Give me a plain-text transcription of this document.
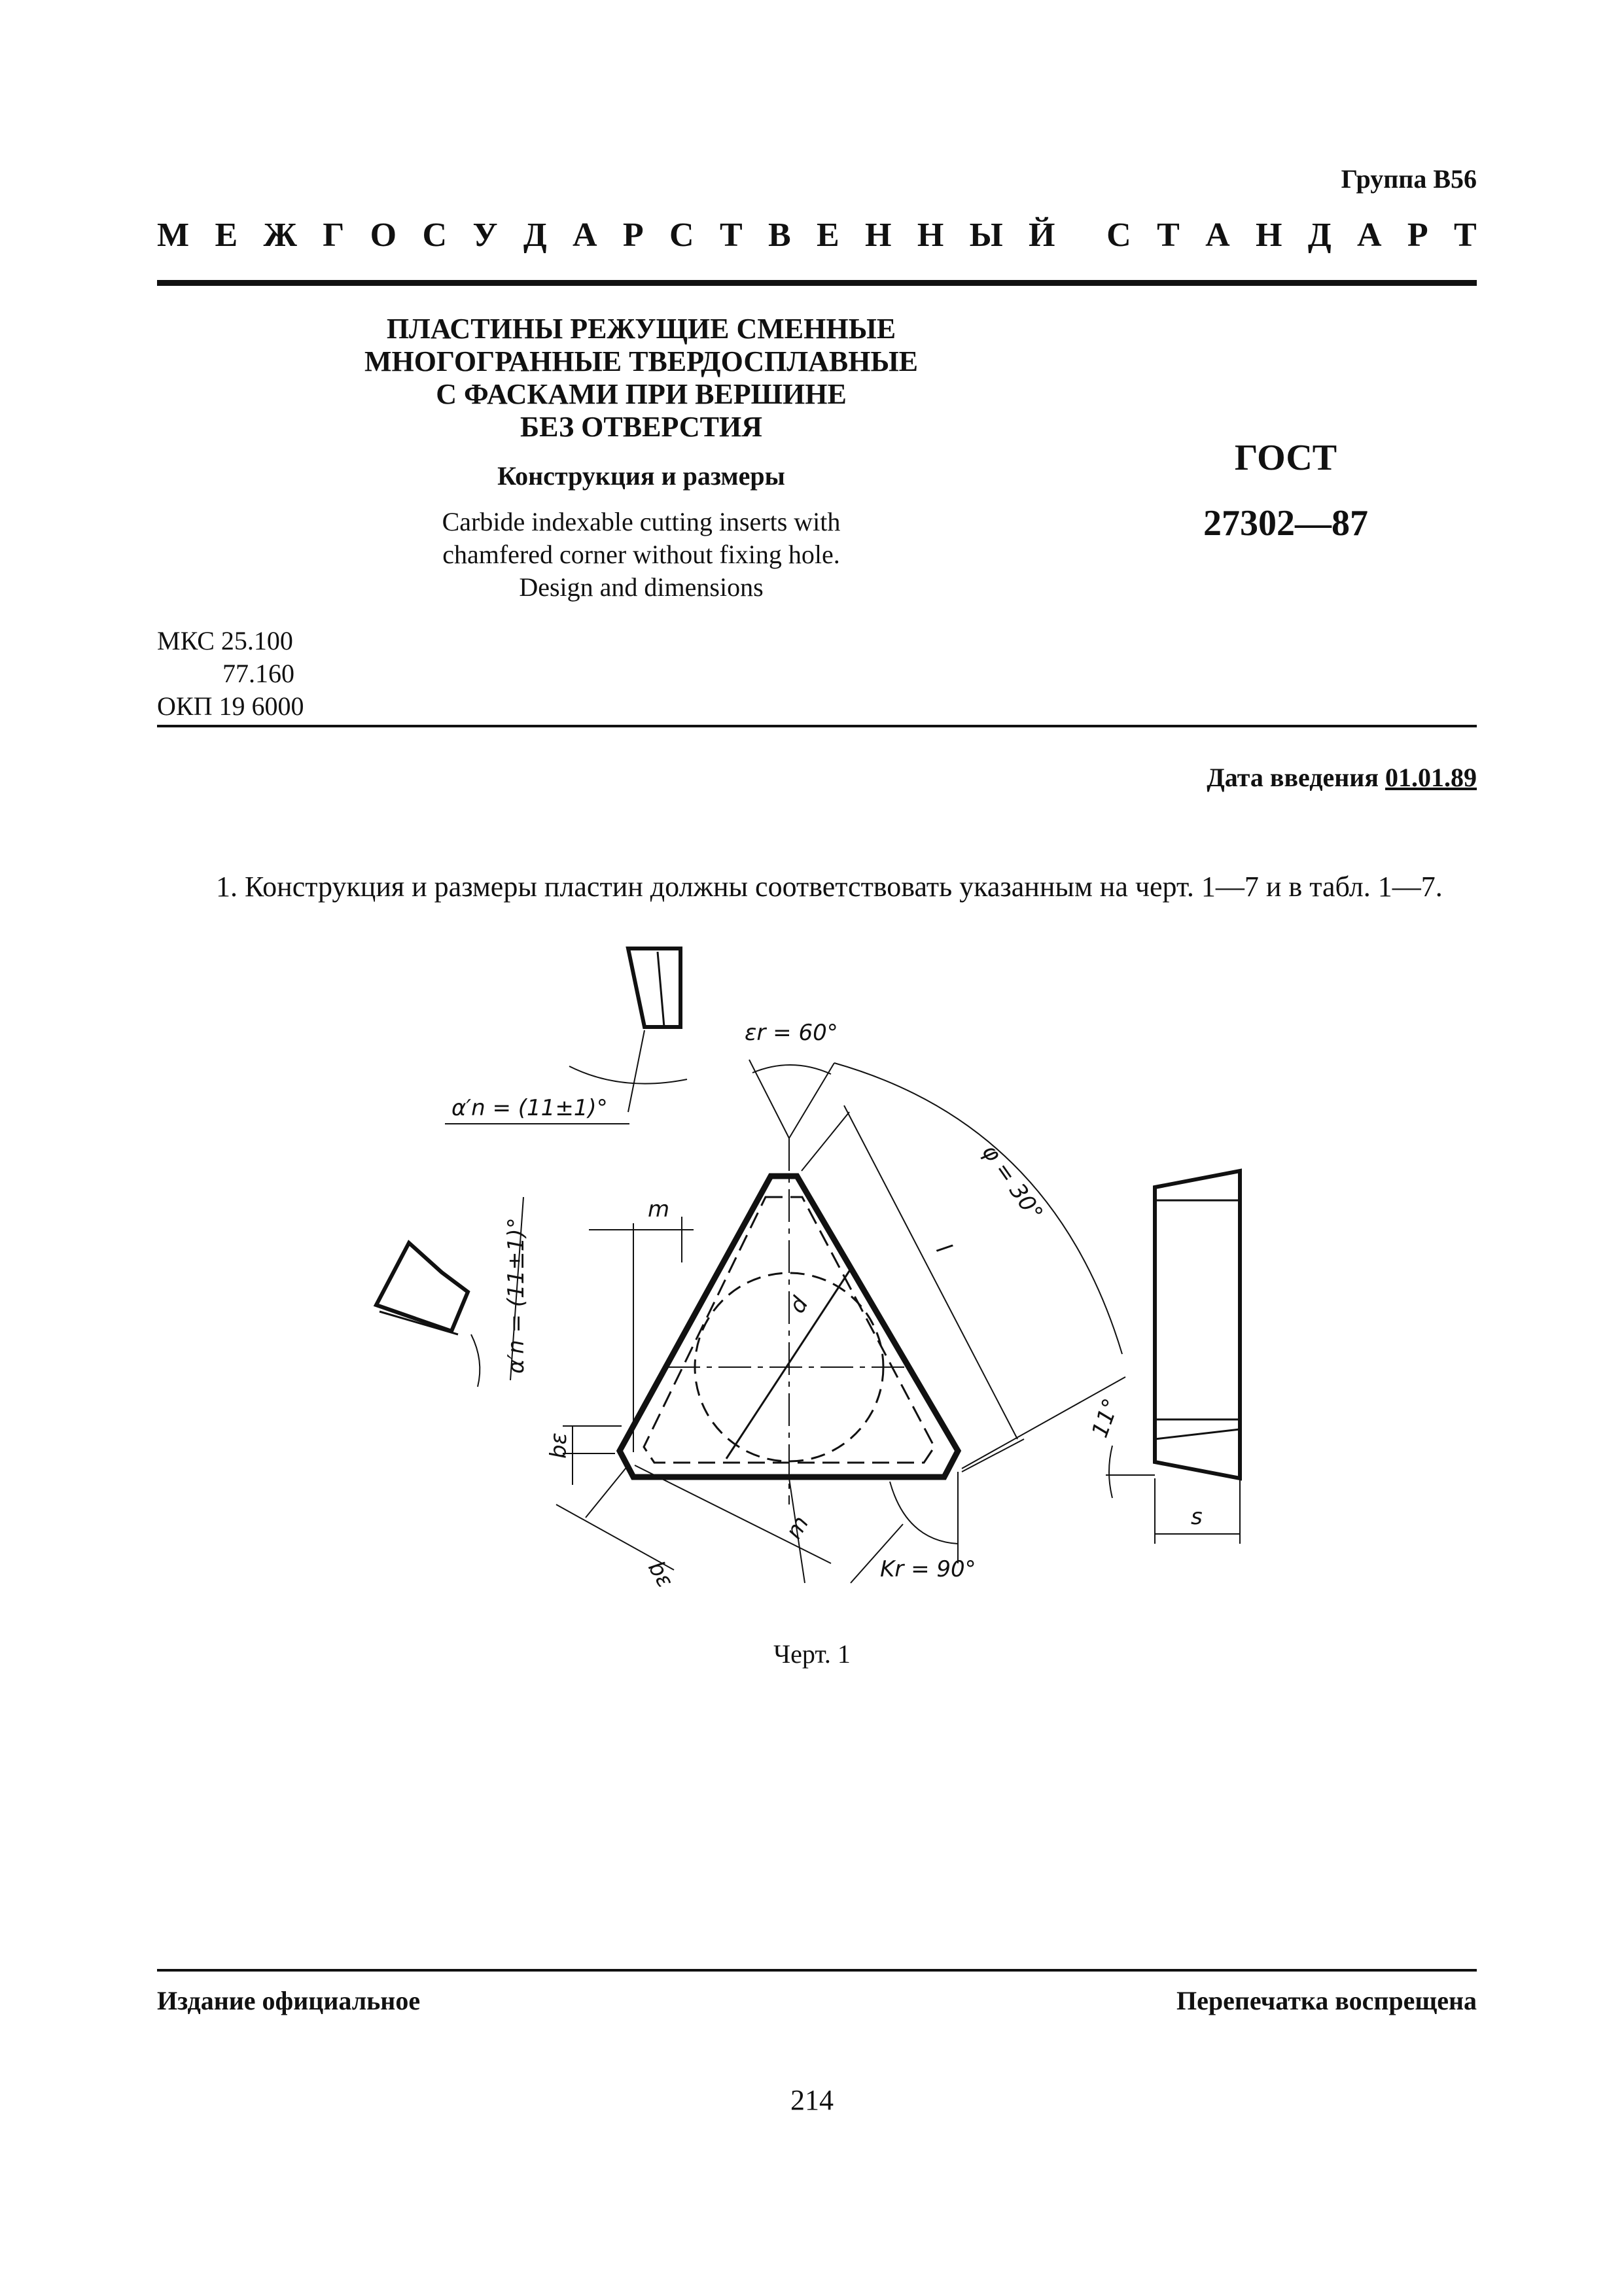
Группа В56
М Е Ж Г О С У Д А Р С Т В Е Н Н Ы Й С Т А Н Д А Р Т
ПЛАСТИНЫ РЕЖУЩИЕ СМЕННЫЕ
МНОГОГРАННЫЕ ТВЕРДОСПЛАВНЫЕ
С ФАСКАМИ ПРИ ВЕРШИНЕ
БЕЗ ОТВЕРСТИЯ
Конструкция и размеры
Carbide indexable cutting inserts with
chamfered corner without fixing hole.
Design and dimensions
ГОСТ
27302—87
МКС 25.100
77.160
ОКП 19 6000
Дата введения 01.01.89
1. Конструкция и размеры пластин должны соответствовать указанным на черт. 1—7 и в табл. 1—7.
εr = 60°
φ = 30°
α′n = (11±1)°
α′n = (11±1)°
m
l
d
bε
bε
m
Kr = 90°
11°
s
Черт. 1
Издание официальное	Перепечатка воспрещена
214
